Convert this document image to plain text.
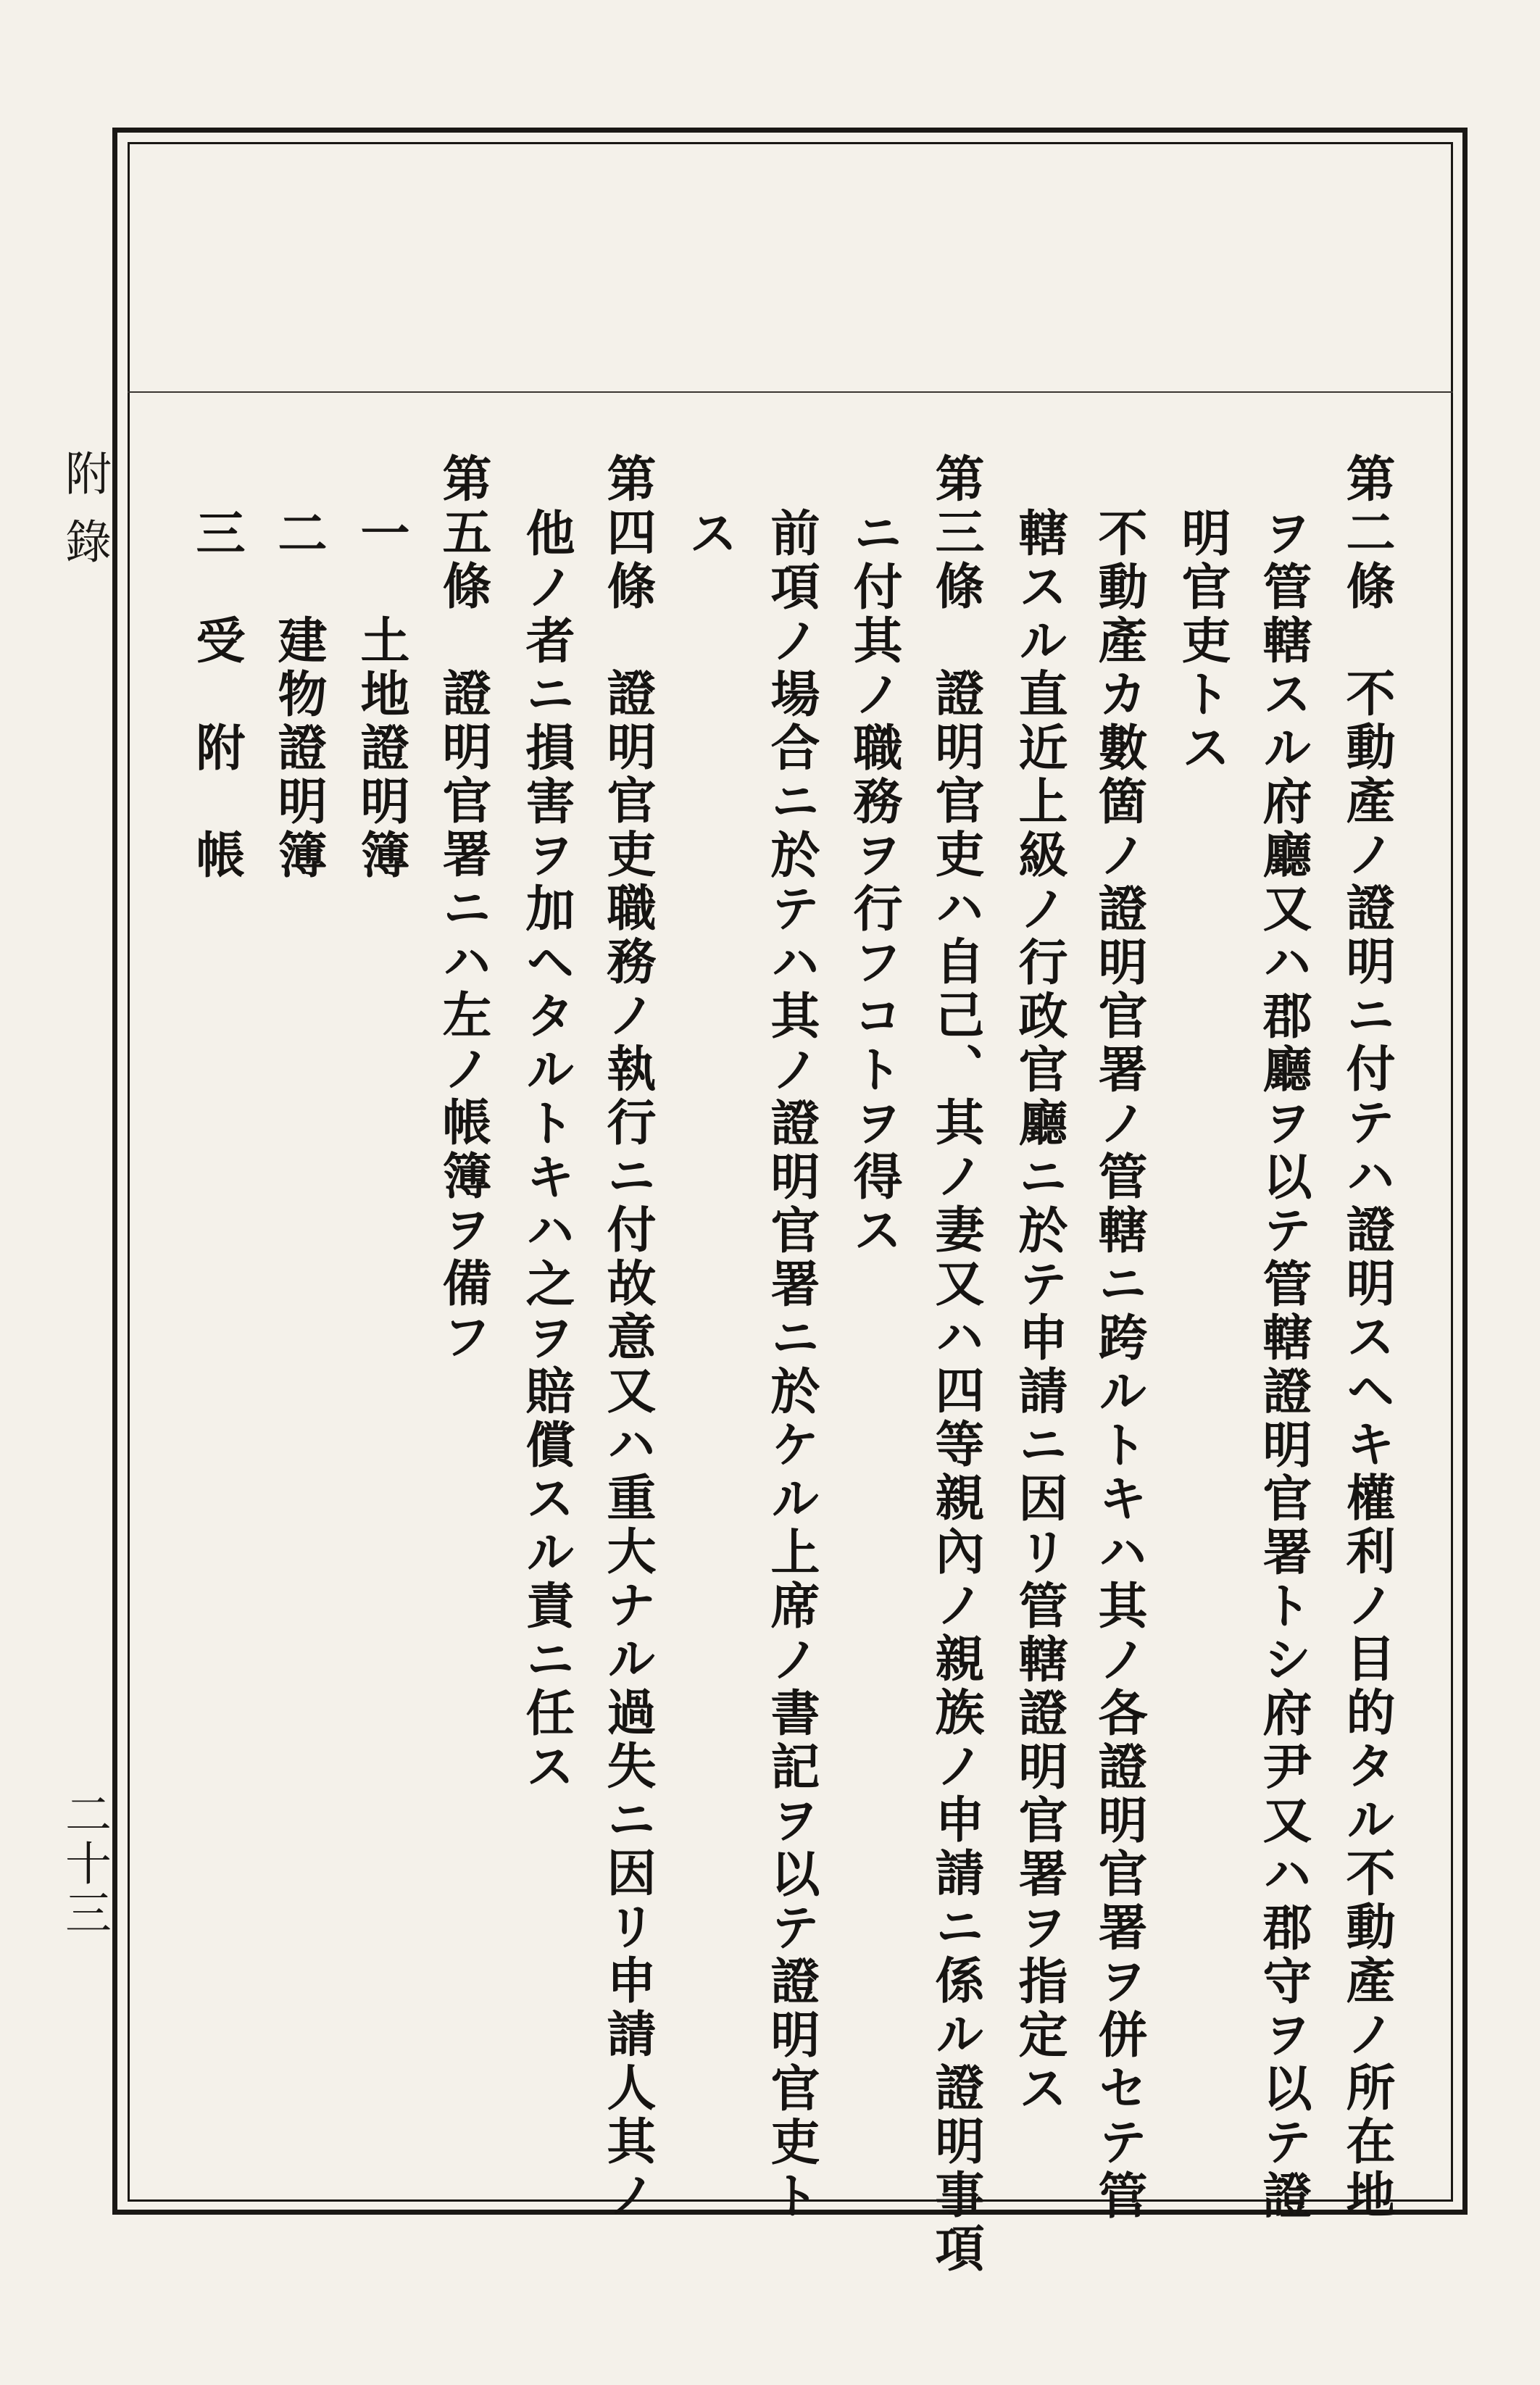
附錄
二十三	第二條　不動產ノ證明ニ付テハ證明スヘキ權利ノ目的タル不動產ノ所在地
ヲ管轄スル府廳又ハ郡廳ヲ以テ管轄證明官署トシ府尹又ハ郡守ヲ以テ證
明官吏トス
不動產カ數箇ノ證明官署ノ管轄ニ跨ルトキハ其ノ各證明官署ヲ併セテ管
轄スル直近上級ノ行政官廳ニ於テ申請ニ因リ管轄證明官署ヲ指定ス
第三條　證明官吏ハ自己、其ノ妻又ハ四等親內ノ親族ノ申請ニ係ル證明事項
ニ付其ノ職務ヲ行フコトヲ得ス
前項ノ場合ニ於テハ其ノ證明官署ニ於ケル上席ノ書記ヲ以テ證明官吏ト
ス
第四條　證明官吏職務ノ執行ニ付故意又ハ重大ナル過失ニ因リ申請人其ノ
他ノ者ニ損害ヲ加ヘタルトキハ之ヲ賠償スル責ニ任ス
第五條　證明官署ニハ左ノ帳簿ヲ備フ
一　土地證明簿
二　建物證明簿
三　受　附　帳
